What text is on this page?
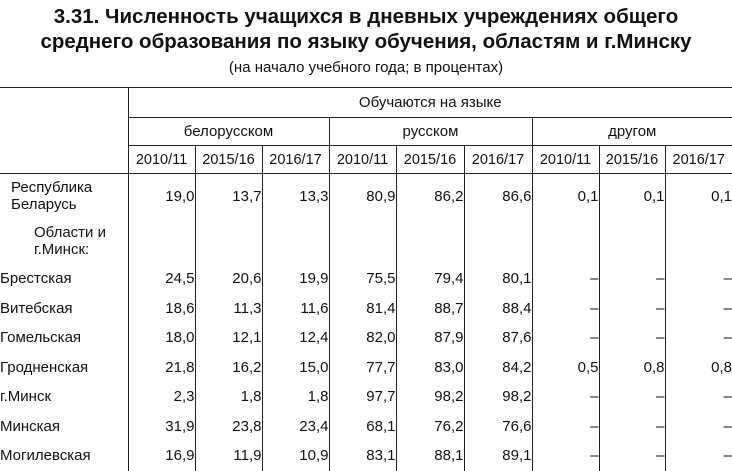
3.31. Численность учащихся в дневных учреждениях общего
среднего образования по языку обучения, областям и г.Минску
(на начало учебного года; в процентах)
	Обучаются на языке								
	белорусском			русском			другом		
	2010/11	2015/16	2016/17	2010/11	2015/16	2016/17	2010/11	2015/16	2016/17

Республика
Беларусь	19,0	13,7	13,3	80,9	86,2	86,6	0,1	0,1	0,1

Области и
г.Минск:									

Брестская	24,5	20,6	19,9	75,5	79,4	80,1	–	–	–
Витебская	18,6	11,3	11,6	81,4	88,7	88,4	–	–	–
Гомельская	18,0	12,1	12,4	82,0	87,9	87,6	–	–	–
Гродненская	21,8	16,2	15,0	77,7	83,0	84,2	0,5	0,8	0,8
г.Минск	2,3	1,8	1,8	97,7	98,2	98,2	–	–	–
Минская	31,9	23,8	23,4	68,1	76,2	76,6	–	–	–
Могилевская	16,9	11,9	10,9	83,1	88,1	89,1	–	–	–
